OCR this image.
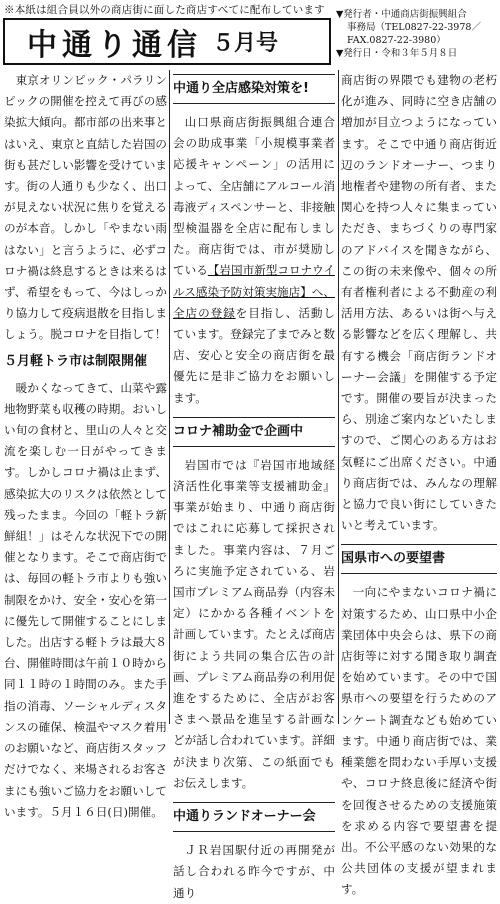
※本紙は組合員以外の商店街に面した商店すべてに配布しています
中通り通信 ５月号
▼発行者・中通商店街振興組合
事務局（TEL0827-22-3978／
FAX.0827-22-3980）
▼発行日・令和３年５月８日

東京オリンピック・パラリンピックの開催を控えて再びの感染拡大傾向。都市部の出来事とはいえ、東京と直結した岩国の街も甚だしい影響を受けています。街の人通りも少なく、出口が見えない状況に焦りを覚えるのが本音。しかし「やまない雨はない」と言うように、必ずコロナ禍は終息するときは来るはず、希望をもって、今はしっかり協力して疫病退散を目指しましょう。脱コロナを目指して！

５月軽トラ市は制限開催

暖かくなってきて、山菜や露地物野菜も収穫の時期。おいしい旬の食材と、里山の人々と交流を楽しむ一日がやってきます。しかしコロナ禍は止まず、感染拡大のリスクは依然として残ったまま。今回の「軽トラ新鮮組！」はそんな状況下での開催となります。そこで商店街では、毎回の軽トラ市よりも強い制限をかけ、安全・安心を第一に優先して開催することにしました。出店する軽トラは最大８台、開催時間は午前１０時から同１１時の１時間のみ。また手指の消毒、ソーシャルディスタンスの確保、検温やマスク着用のお願いなど、商店街スタッフだけでなく、来場されるお客さまにも強いご協力をお願いしています。５月１６日(日)開催。

中通り全店感染対策を!

山口県商店街振興組合連合会の助成事業「小規模事業者応援キャンペーン」の活用によって、全店舗にアルコール消毒液ディスペンサーと、非接触型検温器を全店に配布しました。商店街では、市が奨励している【岩国市新型コロナウイルス感染予防対策実施店】へ、全店の登録を目指し、活動しています。登録完了までみと数店、安心と安全の商店街を最優先に是非ご協力をお願いします。

コロナ補助金で企画中

岩国市では『岩国市地域経済活性化事業等支援補助金』事業が始まり、中通り商店街ではこれに応募して採択されました。事業内容は、７月ごろに実施予定されている、岩国市プレミアム商品券（内容未定）にかかる各種イベントを計画しています。たとえば商店街によう共同の集合広告の計画、プレミアム商品券の利用促進をするために、全店がお客さまへ景品を進呈する計画などが話し合われています。詳細が決まり次第、この紙面でもお伝えします。

中通りランドオーナー会

ＪＲ岩国駅付近の再開発が話し合われる昨今ですが、中通り

商店街の界隈でも建物の老朽化が進み、同時に空き店舗の増加が目立つようになっています。そこで中通り商店街近辺のランドオーナー、つまり地権者や建物の所有者、また関心を持つ人々に集まっていただき、まちづくりの専門家のアドバイスを聞きながら、この街の未来像や、個々の所有者権利者による不動産の利活用方法、あるいは街へ与える影響などを広く理解し、共有する機会「商店街ランドオーナー会議」を開催する予定です。開催の要旨が決まったら、別途ご案内などいたしますので、ご関心のある方はお気軽にご出席ください。中通り商店街では、みんなの理解と協力で良い街にしていきたいと考えています。

国県市への要望書

一向にやまないコロナ禍に対策するため、山口県中小企業団体中央会らは、県下の商店街等に対する聞き取り調査を始めています。その中で国県市への要望を行うためのアンケート調査なども始めています。中通り商店街では、業種業態を問わない手厚い支援や、コロナ終息後に経済や街を回復させるための支援施策を求める内容で要望書を提出。不公平感のない効果的な公共団体の支援が望まれます。
